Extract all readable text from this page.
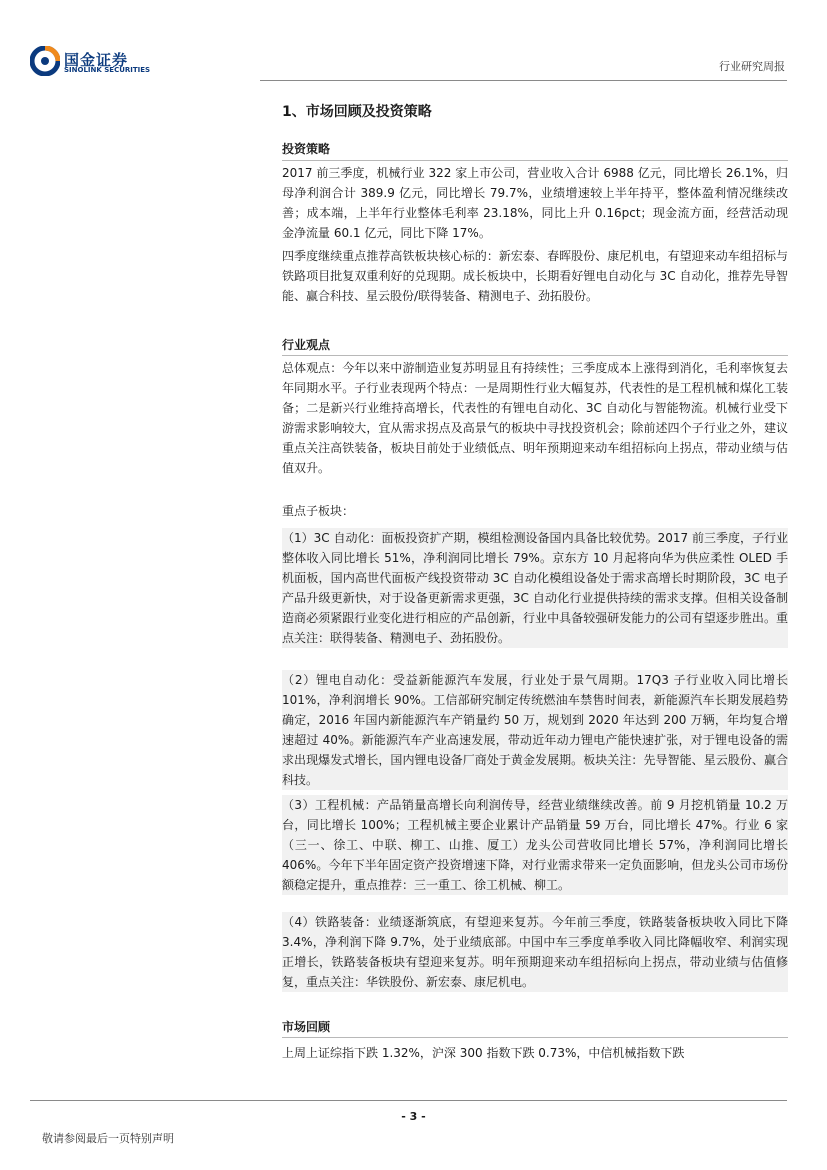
国金证券
SINOLINK SECURITIES	行业研究周报
1、市场回顾及投资策略
投资策略

2017 前三季度，机械行业 322 家上市公司，营业收入合计 6988 亿元，同比增长 26.1%，归母净利润合计 389.9 亿元，同比增长 79.7%，业绩增速较上半年持平，整体盈利情况继续改善；成本端，上半年行业整体毛利率 23.18%，同比上升 0.16pct；现金流方面，经营活动现金净流量 60.1 亿元，同比下降 17%。

四季度继续重点推荐高铁板块核心标的：新宏泰、春晖股份、康尼机电，有望迎来动车组招标与铁路项目批复双重利好的兑现期。成长板块中，长期看好锂电自动化与 3C 自动化，推荐先导智能、赢合科技、星云股份/联得装备、精测电子、劲拓股份。

行业观点

总体观点：今年以来中游制造业复苏明显且有持续性；三季度成本上涨得到消化，毛利率恢复去年同期水平。子行业表现两个特点：一是周期性行业大幅复苏，代表性的是工程机械和煤化工装备；二是新兴行业维持高增长，代表性的有锂电自动化、3C 自动化与智能物流。机械行业受下游需求影响较大，宜从需求拐点及高景气的板块中寻找投资机会；除前述四个子行业之外，建议重点关注高铁装备，板块目前处于业绩低点、明年预期迎来动车组招标向上拐点，带动业绩与估值双升。

重点子板块：

（1）3C 自动化：面板投资扩产期，模组检测设备国内具备比较优势。2017 前三季度，子行业整体收入同比增长 51%，净利润同比增长 79%。京东方 10 月起将向华为供应柔性 OLED 手机面板，国内高世代面板产线投资带动 3C 自动化模组设备处于需求高增长时期阶段，3C 电子产品升级更新快，对于设备更新需求更强，3C 自动化行业提供持续的需求支撑。但相关设备制造商必须紧跟行业变化进行相应的产品创新，行业中具备较强研发能力的公司有望逐步胜出。重点关注：联得装备、精测电子、劲拓股份。

（2）锂电自动化：受益新能源汽车发展，行业处于景气周期。17Q3 子行业收入同比增长 101%，净利润增长 90%。工信部研究制定传统燃油车禁售时间表，新能源汽车长期发展趋势确定，2016 年国内新能源汽车产销量约 50 万，规划到 2020 年达到 200 万辆，年均复合增速超过 40%。新能源汽车产业高速发展，带动近年动力锂电产能快速扩张，对于锂电设备的需求出现爆发式增长，国内锂电设备厂商处于黄金发展期。板块关注：先导智能、星云股份、赢合科技。

（3）工程机械：产品销量高增长向利润传导，经营业绩继续改善。前 9 月挖机销量 10.2 万台，同比增长 100%；工程机械主要企业累计产品销量 59 万台，同比增长 47%。行业 6 家（三一、徐工、中联、柳工、山推、厦工）龙头公司营收同比增长 57%，净利润同比增长 406%。今年下半年固定资产投资增速下降，对行业需求带来一定负面影响，但龙头公司市场份额稳定提升，重点推荐：三一重工、徐工机械、柳工。

（4）铁路装备：业绩逐渐筑底，有望迎来复苏。今年前三季度，铁路装备板块收入同比下降 3.4%，净利润下降 9.7%，处于业绩底部。中国中车三季度单季收入同比降幅收窄、利润实现正增长，铁路装备板块有望迎来复苏。明年预期迎来动车组招标向上拐点，带动业绩与估值修复，重点关注：华铁股份、新宏泰、康尼机电。

市场回顾

上周上证综指下跌 1.32%，沪深 300 指数下跌 0.73%，中信机械指数下跌

- 3 -
敬请参阅最后一页特别声明
